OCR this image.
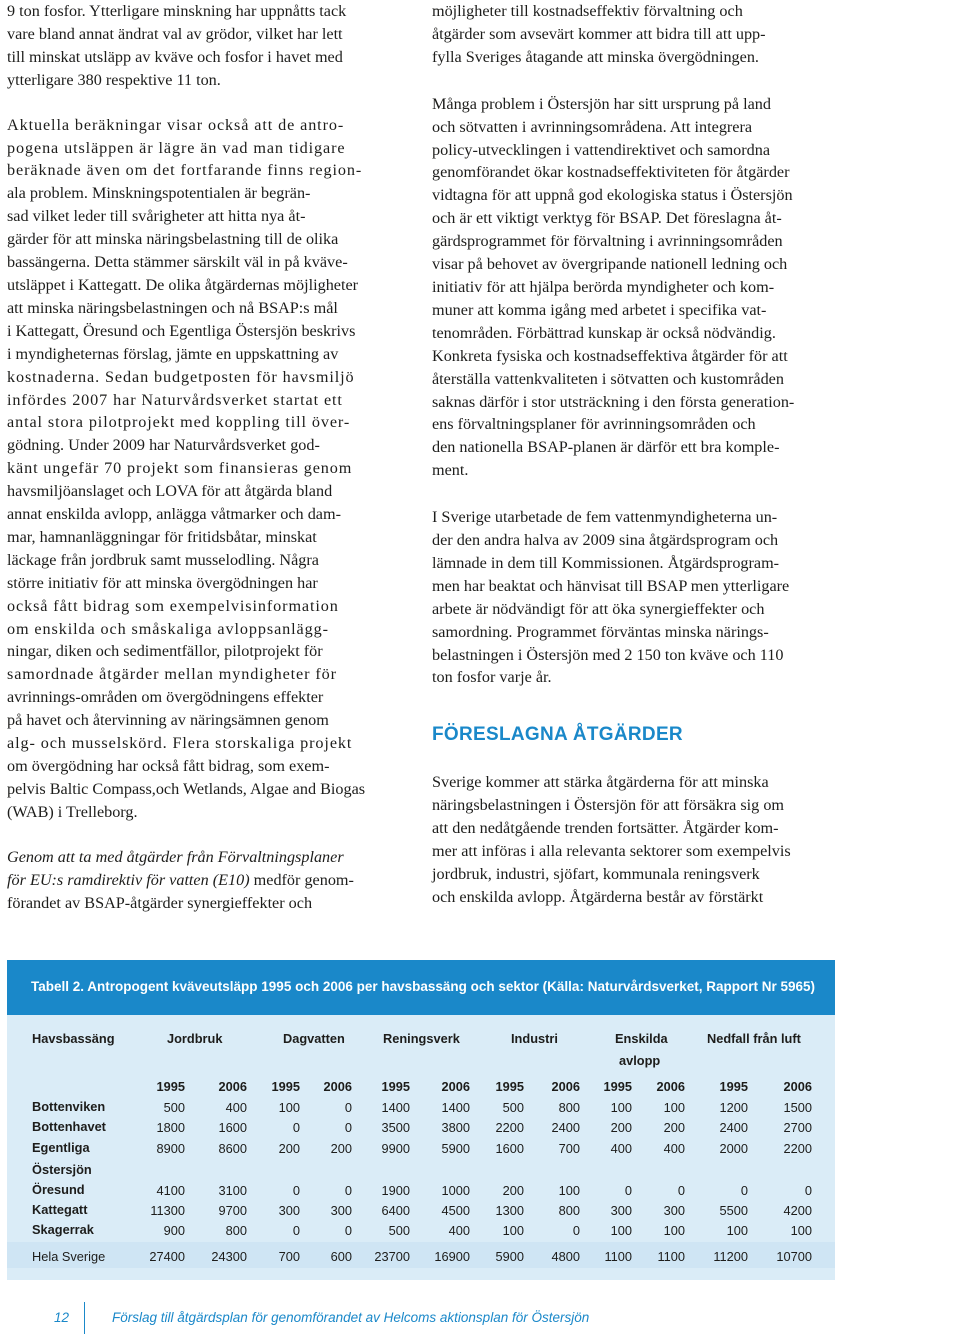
9 ton fosfor. Ytterligare minskning har uppnåtts tack

vare bland annat ändrat val av grödor, vilket har lett

till minskat utsläpp av kväve och fosfor i havet med

ytterligare 380 respektive 11 ton.

Aktuella beräkningar visar också att de antro-

pogena utsläppen är lägre än vad man tidigare

beräknade även om det fortfarande finns region-

ala problem. Minskningspotentialen är begrän-

sad vilket leder till svårigheter att hitta nya åt-

gärder för att minska näringsbelastning till de olika

bassängerna. Detta stämmer särskilt väl in på kväve-

utsläppet i Kattegatt. De olika åtgärdernas möjligheter

att minska näringsbelastningen och nå BSAP:s mål

i Kattegatt, Öresund och Egentliga Östersjön beskrivs

i myndigheternas förslag, jämte en uppskattning av

kostnaderna. Sedan budgetposten för havsmiljö

infördes 2007 har Naturvårdsverket startat ett

antal stora pilotprojekt med koppling till över-

gödning. Under 2009 har Naturvårdsverket god-

känt ungefär 70 projekt som finansieras genom

havsmiljöanslaget och LOVA för att åtgärda bland

annat enskilda avlopp, anlägga våtmarker och dam-

mar, hamnanläggningar för fritidsbåtar, minskat

läckage från jordbruk samt musselodling. Några

större initiativ för att minska övergödningen har

också fått bidrag som exempelvisinformation

om enskilda och småskaliga avloppsanlägg-

ningar, diken och sedimentfällor, pilotprojekt för

samordnade åtgärder mellan myndigheter för

avrinnings-områden om övergödningens effekter

på havet och återvinning av näringsämnen genom

alg- och musselskörd. Flera storskaliga projekt

om övergödning har också fått bidrag, som exem-

pelvis Baltic Compass,och Wetlands, Algae and Biogas

(WAB) i Trelleborg.

Genom att ta med åtgärder från Förvaltningsplaner

för EU:s ramdirektiv för vatten (E10) medför genom-

förandet av BSAP-åtgärder synergieffekter och

möjligheter till kostnadseffektiv förvaltning och

åtgärder som avsevärt kommer att bidra till att upp-

fylla Sveriges åtagande att minska övergödningen.

Många problem i Östersjön har sitt ursprung på land

och sötvatten i avrinningsområdena. Att integrera

policy-utvecklingen i vattendirektivet och samordna

genomförandet ökar kostnadseffektiviteten för åtgärder

vidtagna för att uppnå god ekologiska status i Östersjön

och är ett viktigt verktyg för BSAP. Det föreslagna åt-

gärdsprogrammet för förvaltning i avrinningsområden

visar på behovet av övergripande nationell ledning och

initiativ för att hjälpa berörda myndigheter och kom-

muner att komma igång med arbetet i specifika vat-

tenområden. Förbättrad kunskap är också nödvändig.

Konkreta fysiska och kostnadseffektiva åtgärder för att

återställa vattenkvaliteten i sötvatten och kustområden

saknas därför i stor utsträckning i den första generation-

ens förvaltningsplaner för avrinningsområden och

den nationella BSAP-planen är därför ett bra komple-

ment.

I Sverige utarbetade de fem vattenmyndigheterna un-

der den andra halva av 2009 sina åtgärdsprogram och

lämnade in dem till Kommissionen. Åtgärdsprogram-

men har beaktat och hänvisat till BSAP men ytterligare

arbete är nödvändigt för att öka synergieffekter och

samordning. Programmet förväntas minska närings-

belastningen i Östersjön med 2 150 ton kväve och 110

ton fosfor varje år.

FÖRESLAGNA ÅTGÄRDER

Sverige kommer att stärka åtgärderna för att minska

näringsbelastningen i Östersjön för att försäkra sig om

att den nedåtgående trenden fortsätter. Åtgärder kom-

mer att införas i alla relevanta sektorer som exempelvis

jordbruk, industri, sjöfart, kommunala reningsverk

och enskilda avlopp. Åtgärderna består av förstärkt

Tabell 2. Antropogent kväveutsläpp 1995 och 2006 per havsbassäng och sektor (Källa: Naturvårdsverket, Rapport Nr 5965)
Havsbassäng	Jordbruk	Dagvatten	Reningsverk	Industri	Enskilda	Nedfall från luft
avlopp
1995	2006	1995	2006	1995	2006	1995	2006	1995	2006	1995	2006
Bottenviken	500	400	100	0	1400	1400	500	800	100	100	1200	1500
Bottenhavet	1800	1600	0	0	3500	3800	2200	2400	200	200	2400	2700
Egentliga	8900	8600	200	200	9900	5900	1600	700	400	400	2000	2200
Östersjön
Öresund	4100	3100	0	0	1900	1000	200	100	0	0	0	0
Kattegatt	11300	9700	300	300	6400	4500	1300	800	300	300	5500	4200
Skagerrak	900	800	0	0	500	400	100	0	100	100	100	100
Hela Sverige	27400	24300	700	600	23700	16900	5900	4800	1100	1100	11200	10700
12	Förslag till åtgärdsplan för genomförandet av Helcoms aktionsplan för Östersjön
